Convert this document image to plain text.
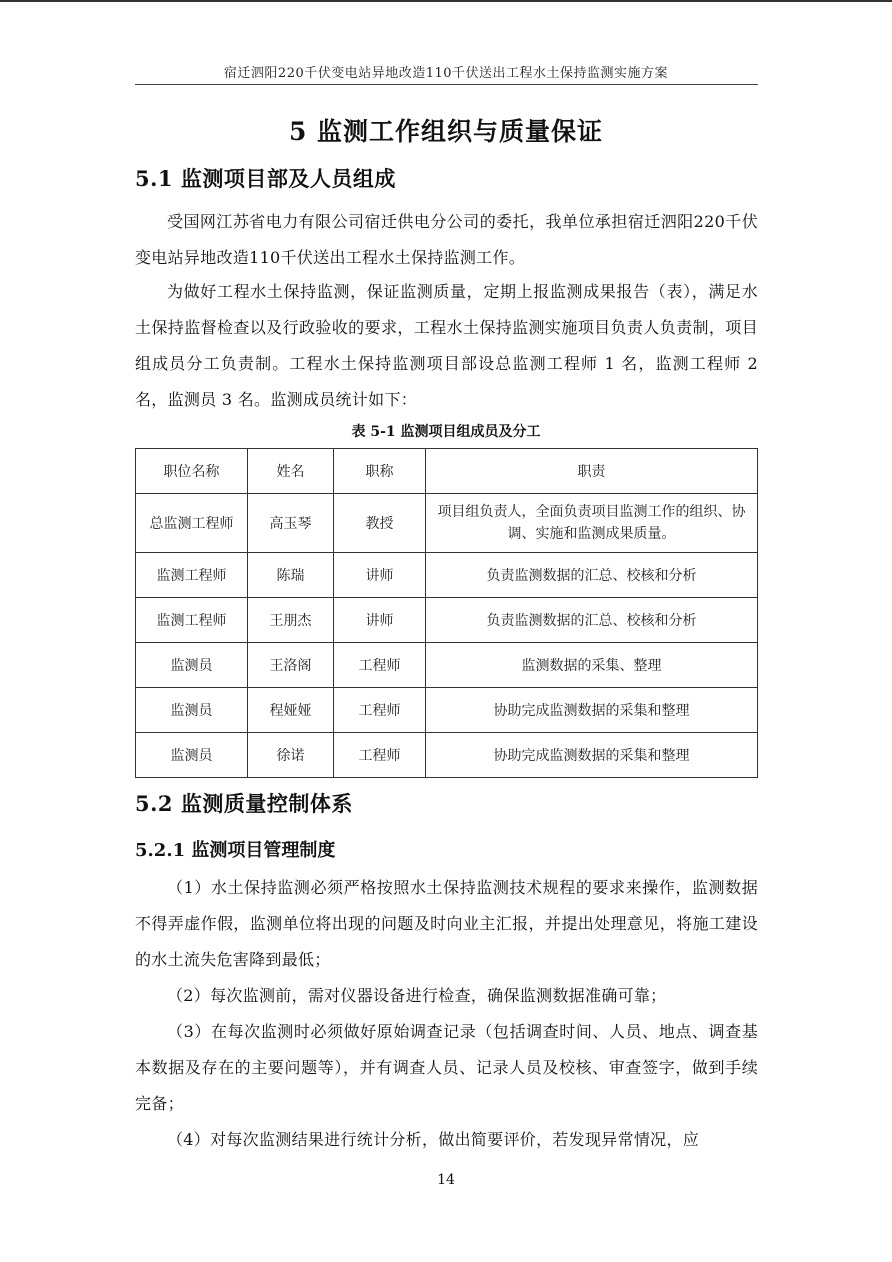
宿迁泗阳220千伏变电站异地改造110千伏送出工程水土保持监测实施方案
5 监测工作组织与质量保证
5.1 监测项目部及人员组成

受国网江苏省电力有限公司宿迁供电分公司的委托，我单位承担宿迁泗阳220千伏变电站异地改造110千伏送出工程水土保持监测工作。

为做好工程水土保持监测，保证监测质量，定期上报监测成果报告（表），满足水土保持监督检查以及行政验收的要求，工程水土保持监测实施项目负责人负责制，项目组成员分工负责制。工程水土保持监测项目部设总监测工程师 1 名，监测工程师 2 名，监测员 3 名。监测成员统计如下：

表 5-1 监测项目组成员及分工
职位名称	姓名	职称	职责
总监测工程师	高玉琴	教授	项目组负责人，全面负责项目监测工作的组织、协调、实施和监测成果质量。
监测工程师	陈瑞	讲师	负责监测数据的汇总、校核和分析
监测工程师	王朋杰	讲师	负责监测数据的汇总、校核和分析
监测员	王洛阁	工程师	监测数据的采集、整理
监测员	程娅娅	工程师	协助完成监测数据的采集和整理
监测员	徐诺	工程师	协助完成监测数据的采集和整理
5.2 监测质量控制体系
5.2.1 监测项目管理制度

（1）水土保持监测必须严格按照水土保持监测技术规程的要求来操作，监测数据不得弄虚作假，监测单位将出现的问题及时向业主汇报，并提出处理意见，将施工建设的水土流失危害降到最低；

（2）每次监测前，需对仪器设备进行检查，确保监测数据准确可靠；

（3）在每次监测时必须做好原始调查记录（包括调查时间、人员、地点、调查基本数据及存在的主要问题等），并有调查人员、记录人员及校核、审查签字，做到手续完备；

（4）对每次监测结果进行统计分析，做出简要评价，若发现异常情况，应

14
